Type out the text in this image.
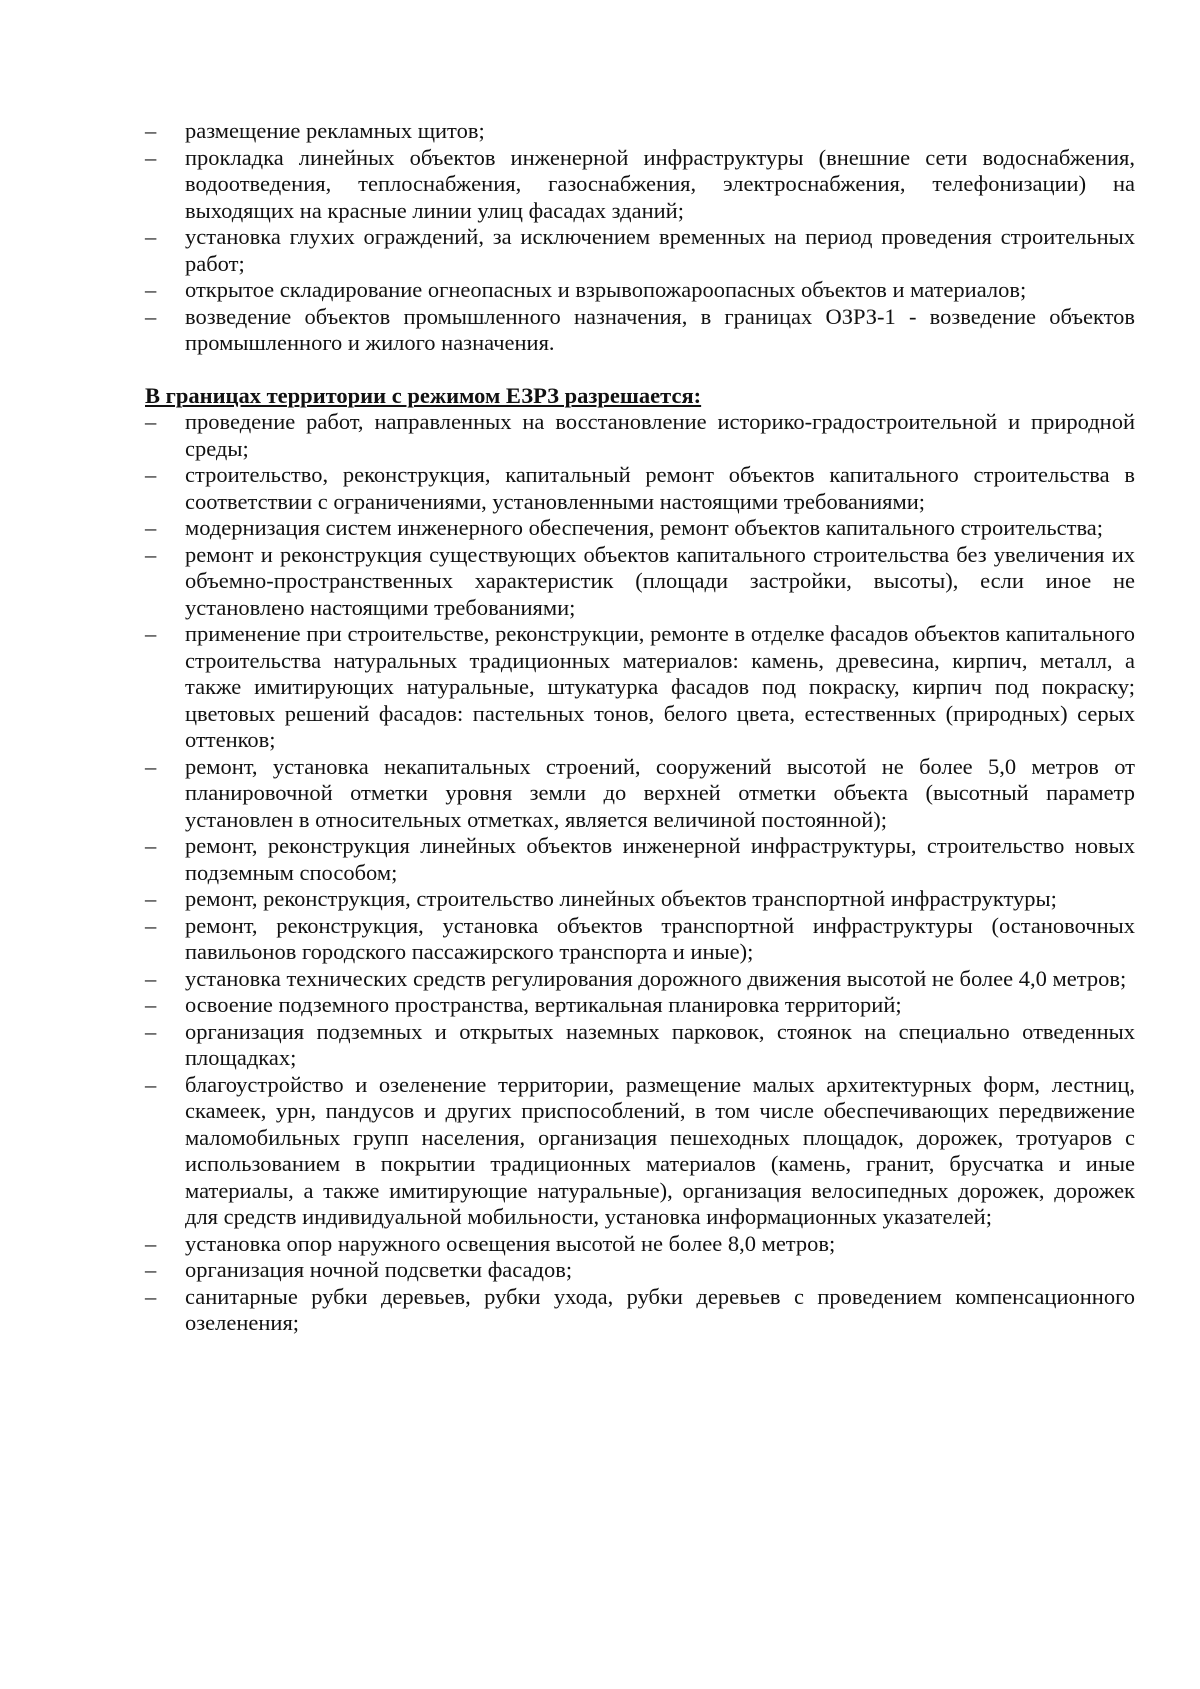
– размещение рекламных щитов;
– прокладка линейных объектов инженерной инфраструктуры (внешние сети водоснабжения, водоотведения, теплоснабжения, газоснабжения, электроснабжения, телефонизации) на выходящих на красные линии улиц фасадах зданий;
– установка глухих ограждений, за исключением временных на период проведения строительных работ;
– открытое складирование огнеопасных и взрывопожароопасных объектов и материалов;
– возведение объектов промышленного назначения, в границах ОЗРЗ-1 - возведение объектов промышленного и жилого назначения.
В границах территории с режимом ЕЗРЗ разрешается:
– проведение работ, направленных на восстановление историко-градостроительной и природной среды;
– строительство, реконструкция, капитальный ремонт объектов капитального строительства в соответствии с ограничениями, установленными настоящими требованиями;
– модернизация систем инженерного обеспечения, ремонт объектов капитального строительства;
– ремонт и реконструкция существующих объектов капитального строительства без увеличения их объемно-пространственных характеристик (площади застройки, высоты), если иное не установлено настоящими требованиями;
– применение при строительстве, реконструкции, ремонте в отделке фасадов объектов капитального строительства натуральных традиционных материалов: камень, древесина, кирпич, металл, а также имитирующих натуральные, штукатурка фасадов под покраску, кирпич под покраску; цветовых решений фасадов: пастельных тонов, белого цвета, естественных (природных) серых оттенков;
– ремонт, установка некапитальных строений, сооружений высотой не более 5,0 метров от планировочной отметки уровня земли до верхней отметки объекта (высотный параметр установлен в относительных отметках, является величиной постоянной);
– ремонт, реконструкция линейных объектов инженерной инфраструктуры, строительство новых подземным способом;
– ремонт, реконструкция, строительство линейных объектов транспортной инфраструктуры;
– ремонт, реконструкция, установка объектов транспортной инфраструктуры (остановочных павильонов городского пассажирского транспорта и иные);
– установка технических средств регулирования дорожного движения высотой не более 4,0 метров;
– освоение подземного пространства, вертикальная планировка территорий;
– организация подземных и открытых наземных парковок, стоянок на специально отведенных площадках;
– благоустройство и озеленение территории, размещение малых архитектурных форм, лестниц, скамеек, урн, пандусов и других приспособлений, в том числе обеспечивающих передвижение маломобильных групп населения, организация пешеходных площадок, дорожек, тротуаров с использованием в покрытии традиционных материалов (камень, гранит, брусчатка и иные материалы, а также имитирующие натуральные), организация велосипедных дорожек, дорожек для средств индивидуальной мобильности, установка информационных указателей;
– установка опор наружного освещения высотой не более 8,0 метров;
– организация ночной подсветки фасадов;
– санитарные рубки деревьев, рубки ухода, рубки деревьев с проведением компенсационного озеленения;
